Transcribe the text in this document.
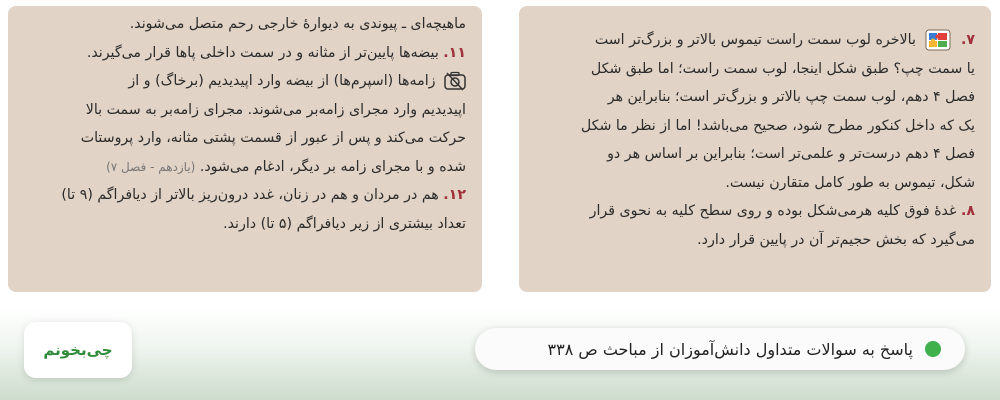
۷.  بالاخره لوب سمت راست تیموس بالاتر و بزرگ‌تر است
یا سمت چپ؟ طبق شکل اینجا، لوب سمت راست؛ اما طبق شکل
فصل ۴ دهم، لوب سمت چپ بالاتر و بزرگ‌تر است؛ بنابراین هر
یک که داخل کنکور مطرح شود، صحیح می‌باشد! اما از نظر ما شکل
فصل ۴ دهم درست‌تر و علمی‌تر است؛ بنابراین بر اساس هر دو
شکل، تیموس به طور کامل متقارن نیست.

۸. غدهٔ فوق کلیه هرمی‌شکل بوده و روی سطح کلیه به نحوی قرار
می‌گیرد که بخش حجیم‌تر آن در پایین قرار دارد.

ماهیچه‌ای ـ پیوندی به دیوارهٔ خارجی رحم متصل می‌شوند.

۱۱. بیضه‌ها پایین‌تر از مثانه و در سمت داخلی پاها قرار می‌گیرند.

زامه‌ها (اسپرم‌ها) از بیضه وارد اپیدیدیم (برخاگ) و از
اپیدیدیم وارد مجرای زامه‌بر می‌شوند. مجرای زامه‌بر به سمت بالا
حرکت می‌کند و پس از عبور از قسمت پشتی مثانه، وارد پروستات
شده و با مجرای زامه بر دیگر، ادغام می‌شود. (یازدهم - فصل ۷)

۱۲. هم در مردان و هم در زنان، غدد درون‌ریز بالاتر از دیافراگم (۹ تا)
تعداد بیشتری از زیر دیافراگم (۵ تا) دارند.

چی‌بخونم	پاسخ به سوالات متداول دانش‌آموزان از مباحث ص ۳۳۸
